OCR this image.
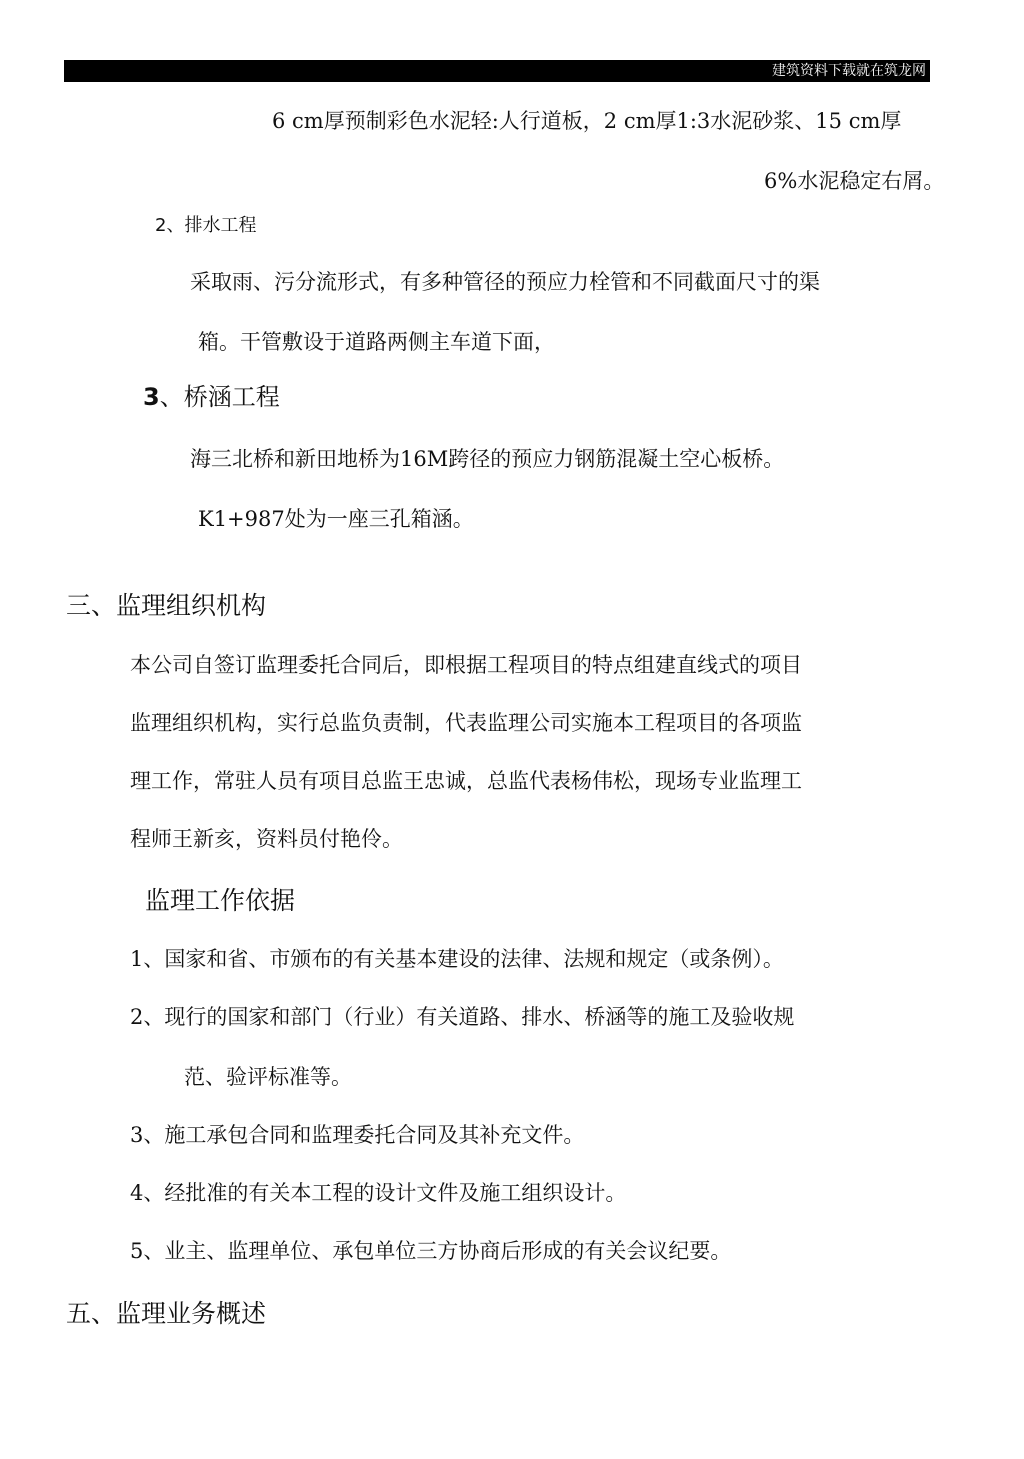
建筑资料下载就在筑龙网
6 cm厚预制彩色水泥轻:人行道板，2 cm厚1:3水泥砂浆、15 cm厚
6%水泥稳定右屑。
2、排水工程
采取雨、污分流形式，有多种管径的预应力栓管和不同截面尺寸的渠
箱。干管敷设于道路两侧主车道下面，
3、桥涵工程
海三北桥和新田地桥为16M跨径的预应力钢筋混凝土空心板桥。
K1+987处为一座三孔箱涵。
三、监理组织机构
本公司自签订监理委托合同后，即根据工程项目的特点组建直线式的项目
监理组织机构，实行总监负责制，代表监理公司实施本工程项目的各项监
理工作，常驻人员有项目总监王忠诚，总监代表杨伟松，现场专业监理工
程师王新亥，资料员付艳伶。
监理工作依据
1、国家和省、市颁布的有关基本建设的法律、法规和规定（或条例）。
2、现行的国家和部门（行业）有关道路、排水、桥涵等的施工及验收规
范、验评标准等。
3、施工承包合同和监理委托合同及其补充文件。
4、经批准的有关本工程的设计文件及施工组织设计。
5、业主、监理单位、承包单位三方协商后形成的有关会议纪要。
五、监理业务概述
